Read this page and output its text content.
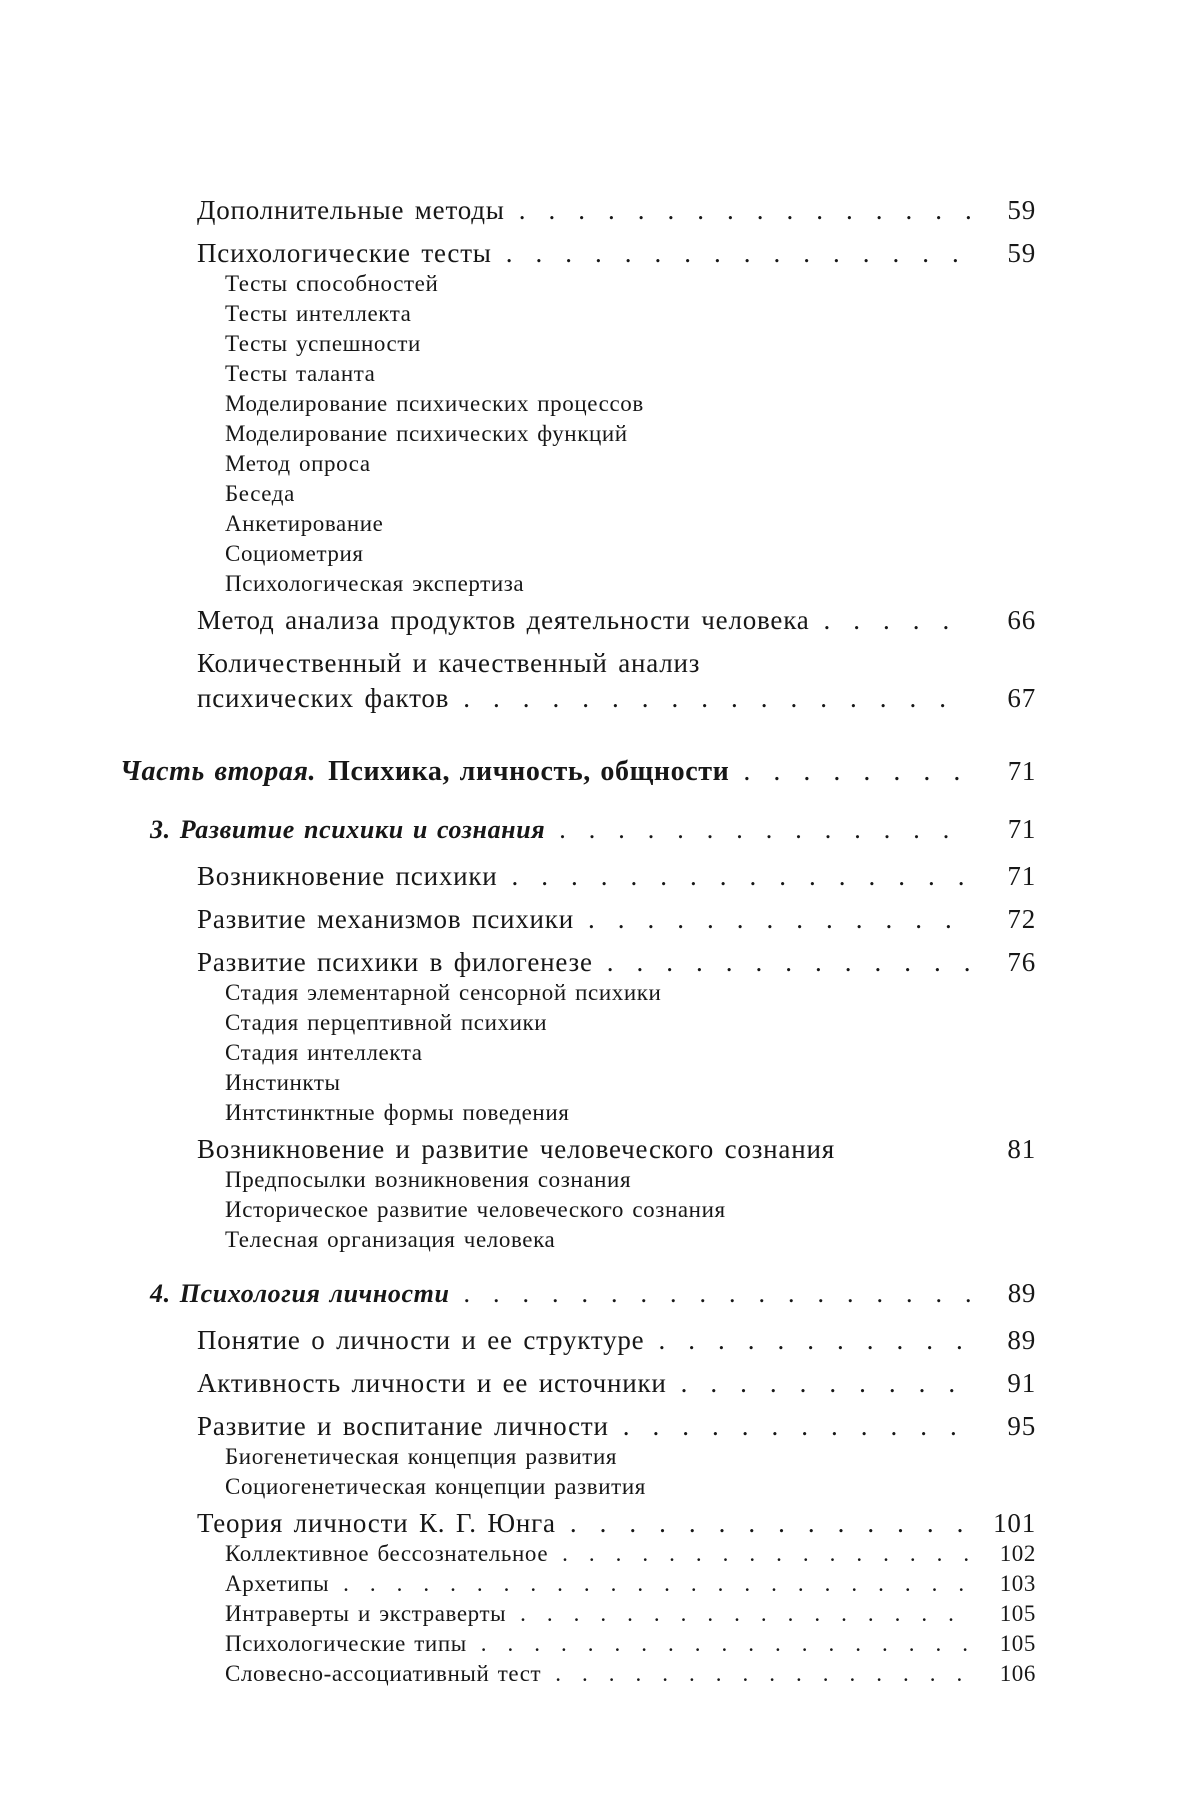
Дополнительные методы .....	59
Психологические тесты .....	59
Тесты способностей
Тесты интеллекта
Тесты успешности
Тесты таланта
Моделирование психических процессов
Моделирование психических функций
Метод опроса
Беседа
Анкетирование
Социометрия
Психологическая экспертиза
Метод анализа продуктов деятельности человека .....	66
Количественный и качественный анализ
психических фактов .....	67
Часть вторая. Психика, личность, общности .....	71
3. Развитие психики и сознания .....	71
Возникновение психики .....	71
Развитие механизмов психики .....	72
Развитие психики в филогенезе .....	76
Стадия элементарной сенсорной психики
Стадия перцептивной психики
Стадия интеллекта
Инстинкты
Интстинктные формы поведения
Возникновение и развитие человеческого сознания	81
Предпосылки возникновения сознания
Историческое развитие человеческого сознания
Телесная организация человека
4. Психология личности .....	89
Понятие о личности и ее структуре .....	89
Активность личности и ее источники .....	91
Развитие и воспитание личности .....	95
Биогенетическая концепция развития
Социогенетическая концепции развития
Теория личности К. Г. Юнга .....	101
Коллективное бессознательное .....	102
Архетипы .....	103
Интраверты и экстраверты .....	105
Психологические типы .....	105
Словесно-ассоциативный тест .....	106
